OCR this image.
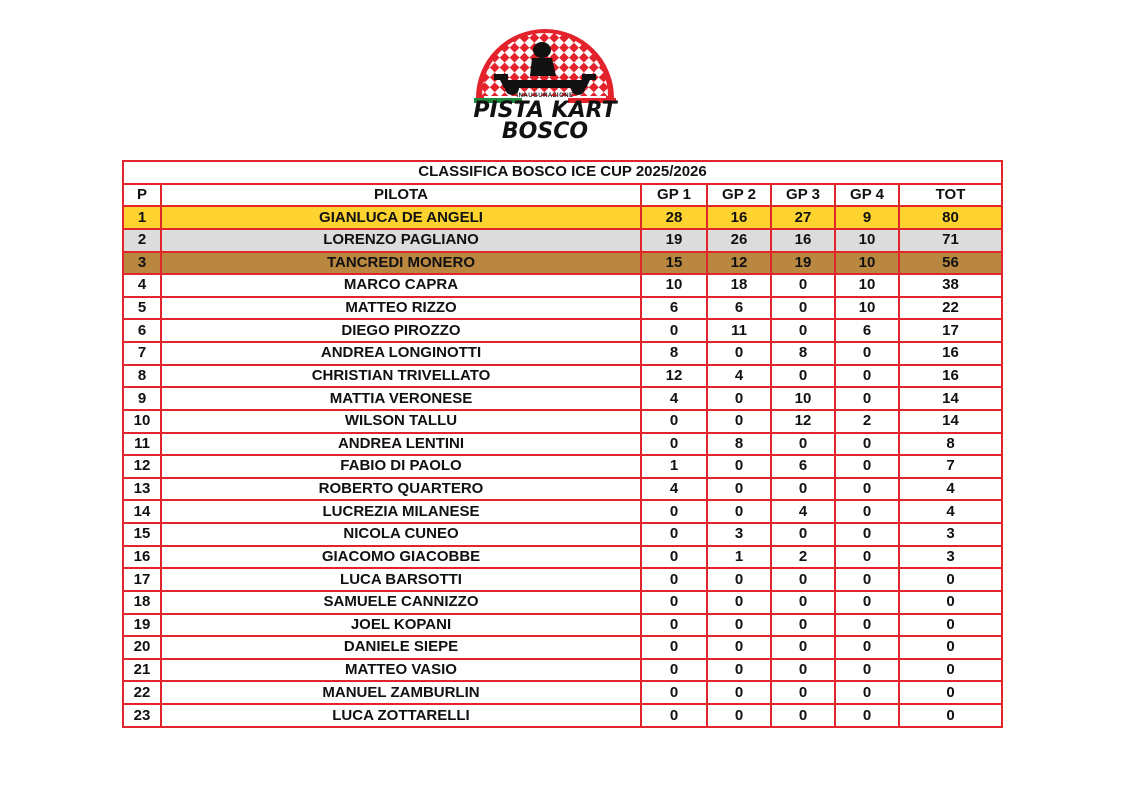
INAUGURAZIONE
PISTA KART
BOSCO
CLASSIFICA BOSCO ICE CUP 2025/2026						
P	PILOTA	GP 1	GP 2	GP 3	GP 4	TOT
1	GIANLUCA DE ANGELI	28	16	27	9	80
2	LORENZO PAGLIANO	19	26	16	10	71
3	TANCREDI MONERO	15	12	19	10	56
4	MARCO CAPRA	10	18	0	10	38
5	MATTEO RIZZO	6	6	0	10	22
6	DIEGO PIROZZO	0	11	0	6	17
7	ANDREA LONGINOTTI	8	0	8	0	16
8	CHRISTIAN TRIVELLATO	12	4	0	0	16
9	MATTIA VERONESE	4	0	10	0	14
10	WILSON TALLU	0	0	12	2	14
11	ANDREA LENTINI	0	8	0	0	8
12	FABIO DI PAOLO	1	0	6	0	7
13	ROBERTO QUARTERO	4	0	0	0	4
14	LUCREZIA MILANESE	0	0	4	0	4
15	NICOLA CUNEO	0	3	0	0	3
16	GIACOMO GIACOBBE	0	1	2	0	3
17	LUCA BARSOTTI	0	0	0	0	0
18	SAMUELE CANNIZZO	0	0	0	0	0
19	JOEL KOPANI	0	0	0	0	0
20	DANIELE SIEPE	0	0	0	0	0
21	MATTEO VASIO	0	0	0	0	0
22	MANUEL ZAMBURLIN	0	0	0	0	0
23	LUCA ZOTTARELLI	0	0	0	0	0
